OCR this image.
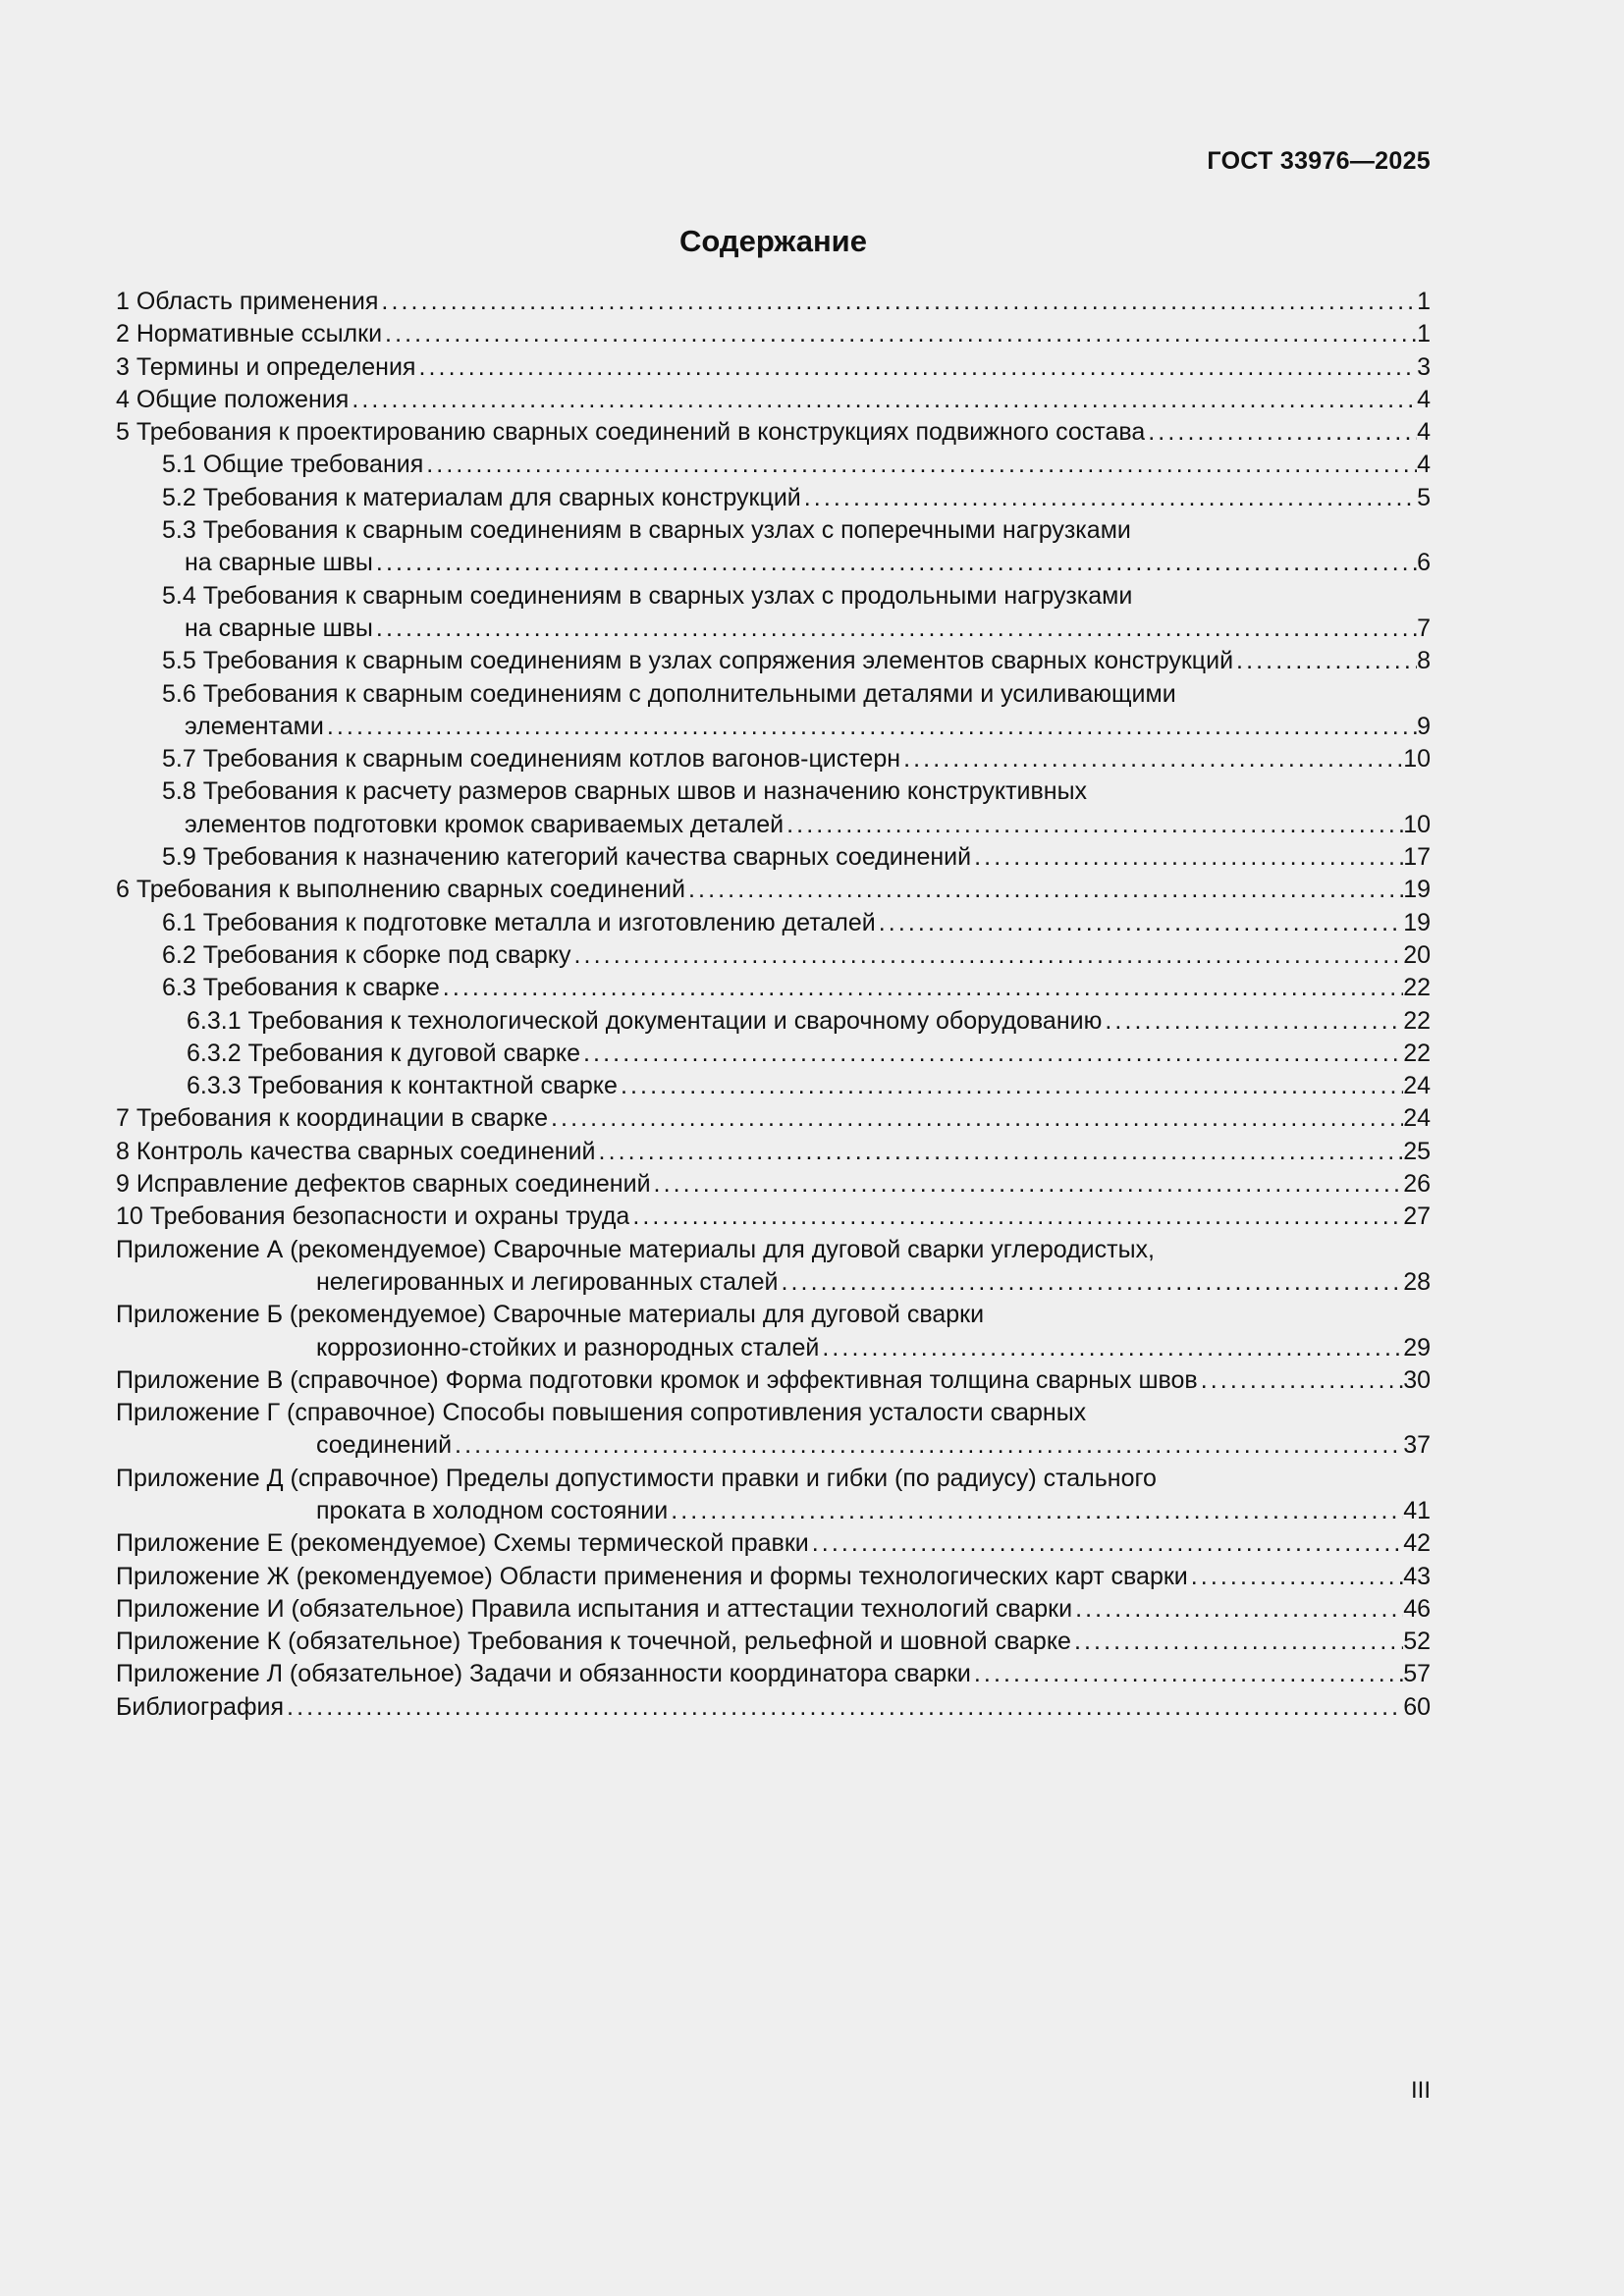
ГОСТ 33976—2025
Содержание
1 Область применения .....	1
2 Нормативные ссылки .....	1
3 Термины и определения .....	3
4 Общие положения .....	4
5 Требования к проектированию сварных соединений в конструкциях подвижного состава .....	4
5.1 Общие требования .....	4
5.2 Требования к материалам для сварных конструкций .....	5
5.3 Требования к сварным соединениям в сварных узлах с поперечными нагрузками
на сварные швы .....	6
5.4 Требования к сварным соединениям в сварных узлах с продольными нагрузками
на сварные швы .....	7
5.5 Требования к сварным соединениям в узлах сопряжения элементов сварных конструкций .....	8
5.6 Требования к сварным соединениям с дополнительными деталями и усиливающими
элементами .....	9
5.7 Требования к сварным соединениям котлов вагонов-цистерн .....	10
5.8 Требования к расчету размеров сварных швов и назначению конструктивных
элементов подготовки кромок свариваемых деталей .....	10
5.9 Требования к назначению категорий качества сварных соединений .....	17
6 Требования к выполнению сварных соединений .....	19
6.1 Требования к подготовке металла и изготовлению деталей .....	19
6.2 Требования к сборке под сварку .....	20
6.3 Требования к сварке .....	22
6.3.1 Требования к технологической документации и сварочному оборудованию .....	22
6.3.2 Требования к дуговой сварке .....	22
6.3.3 Требования к контактной сварке .....	24
7 Требования к координации в сварке .....	24
8 Контроль качества сварных соединений .....	25
9 Исправление дефектов сварных соединений .....	26
10 Требования безопасности и охраны труда .....	27
Приложение А (рекомендуемое) Сварочные материалы для дуговой сварки углеродистых,
нелегированных и легированных сталей .....	28
Приложение Б (рекомендуемое) Сварочные материалы для дуговой сварки
коррозионно-стойких и разнородных сталей .....	29
Приложение В (справочное) Форма подготовки кромок и эффективная толщина сварных швов .....	30
Приложение Г (справочное) Способы повышения сопротивления усталости сварных
соединений .....	37
Приложение Д (справочное) Пределы допустимости правки и гибки (по радиусу) стального
проката в холодном состоянии .....	41
Приложение Е (рекомендуемое) Схемы термической правки .....	42
Приложение Ж (рекомендуемое) Области применения и формы технологических карт сварки .....	43
Приложение И (обязательное) Правила испытания и аттестации технологий сварки .....	46
Приложение К (обязательное) Требования к точечной, рельефной и шовной сварке .....	52
Приложение Л (обязательное) Задачи и обязанности координатора сварки .....	57
Библиография .....	60
III
